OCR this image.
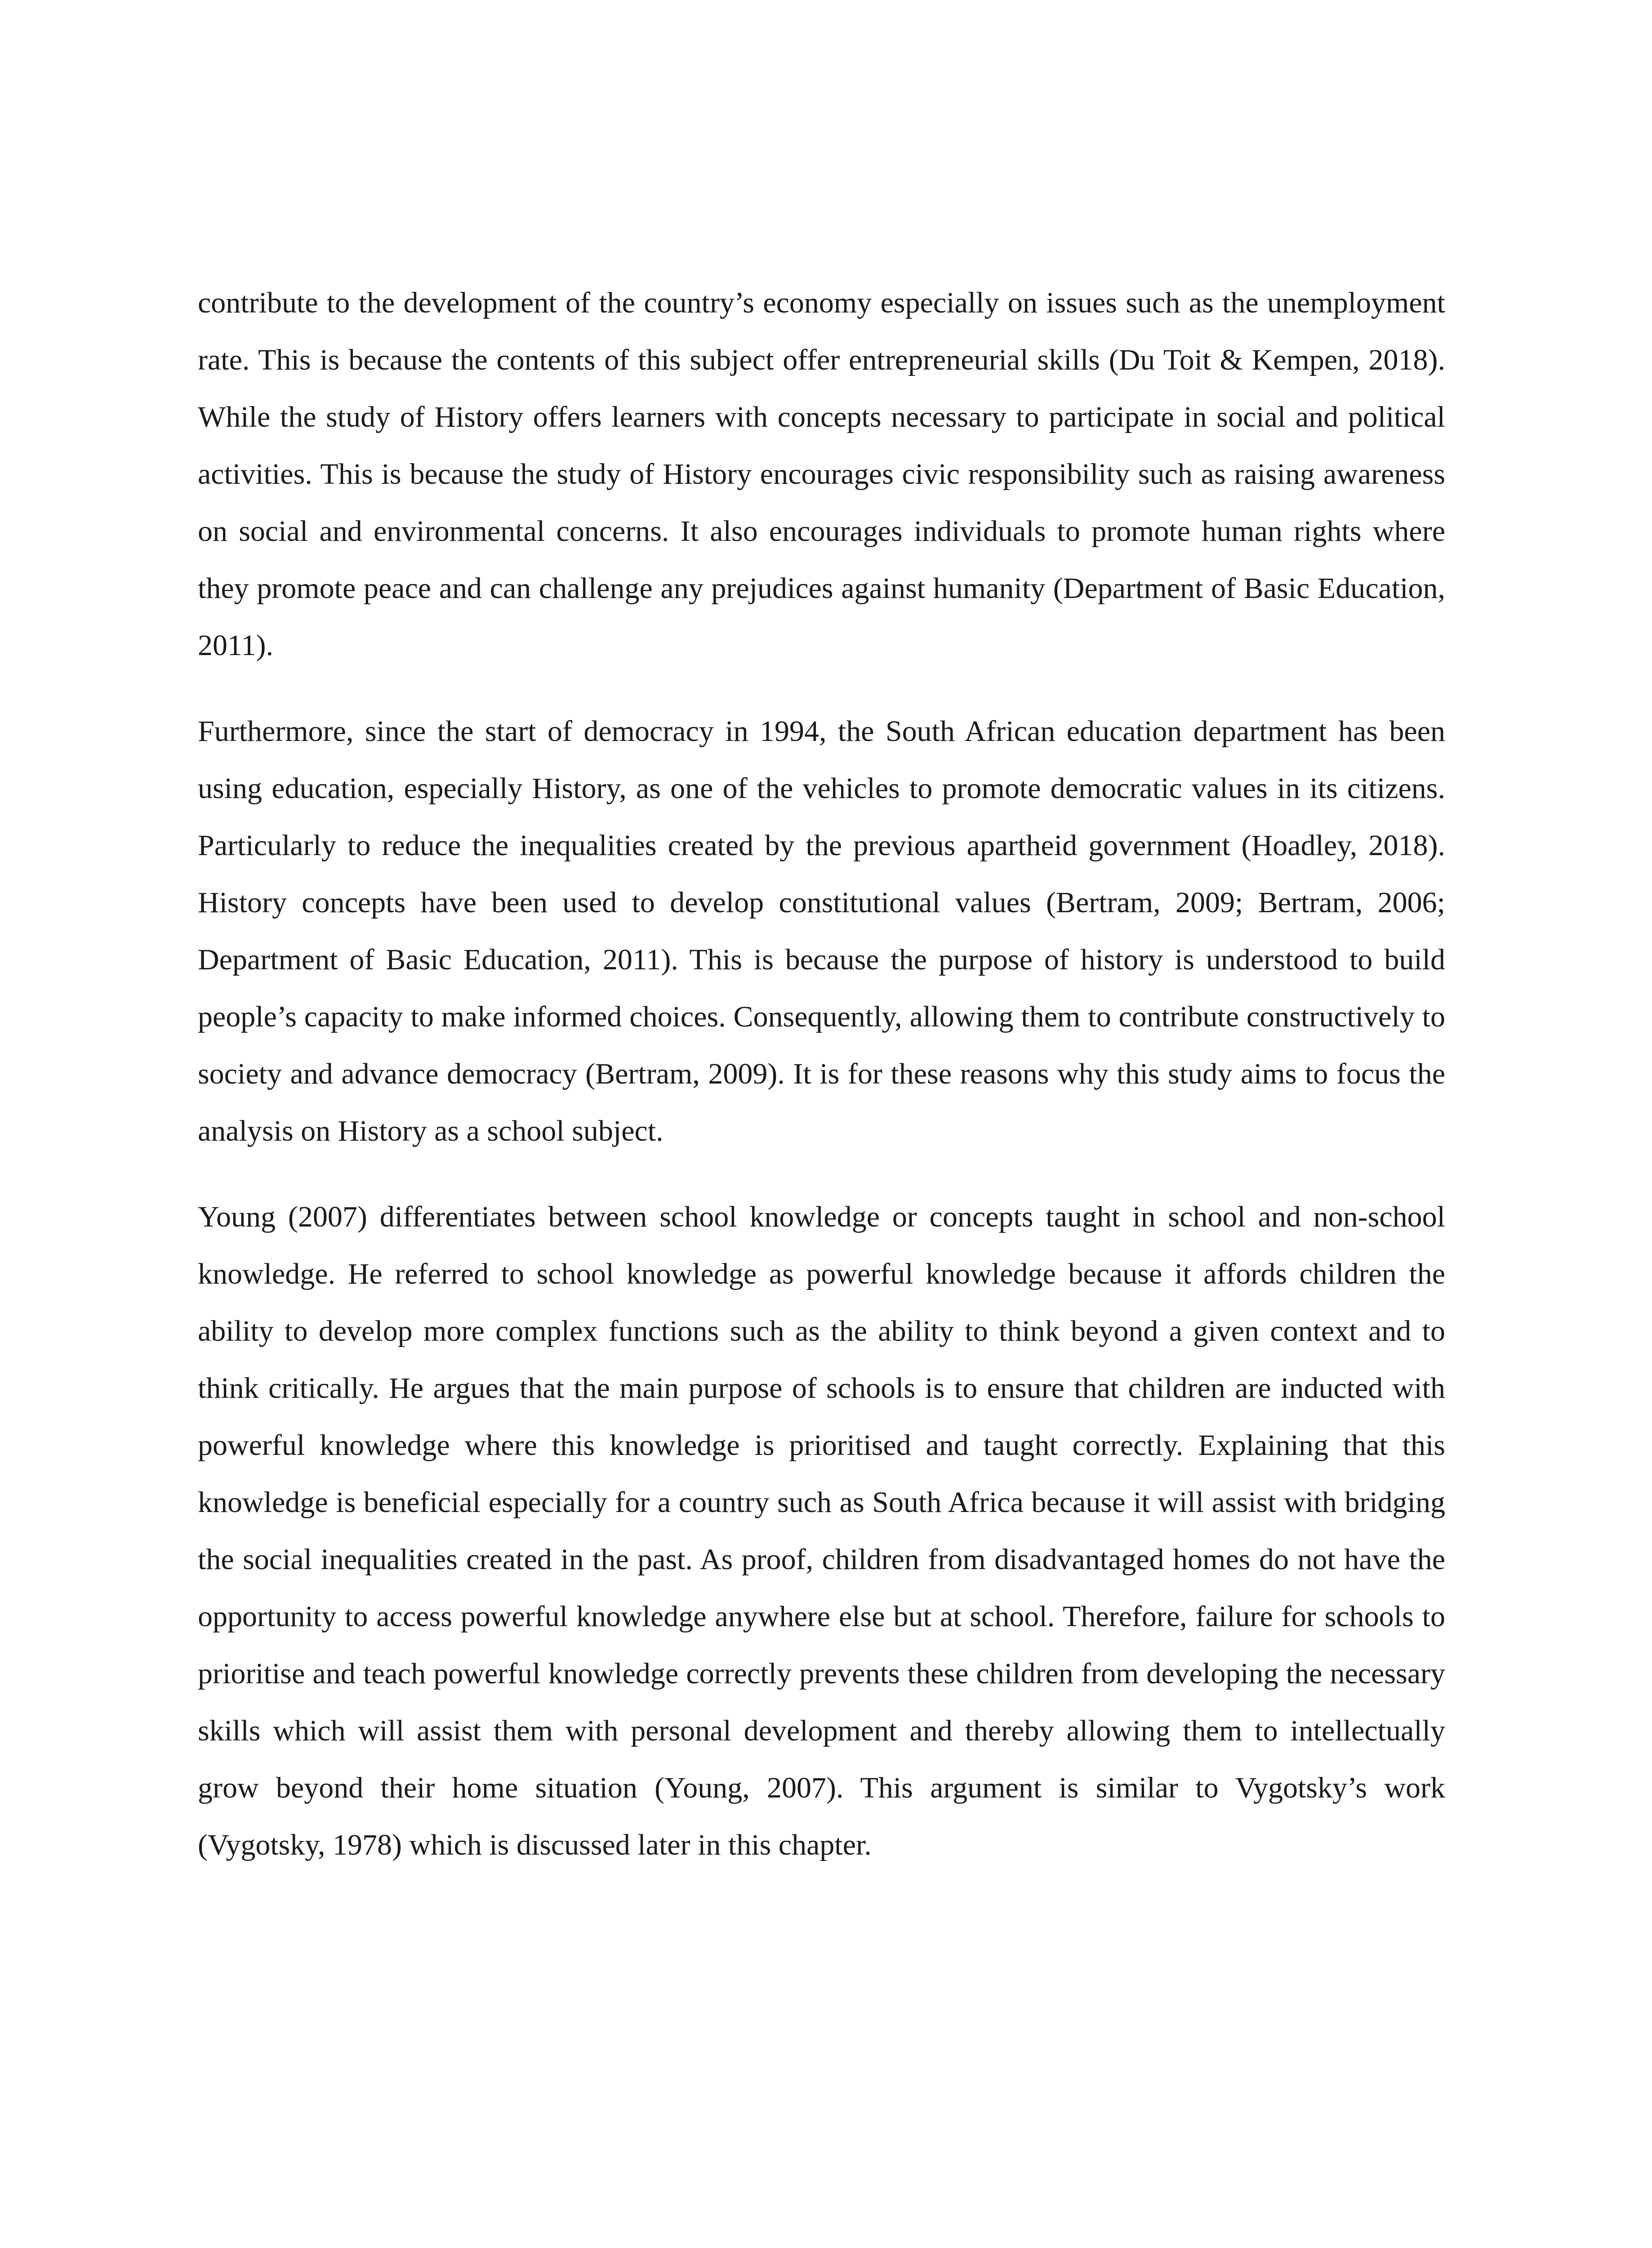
contribute to the development of the country’s economy especially on issues such as the unemployment rate. This is because the contents of this subject offer entrepreneurial skills (Du Toit & Kempen, 2018). While the study of History offers learners with concepts necessary to participate in social and political activities. This is because the study of History encourages civic responsibility such as raising awareness on social and environmental concerns. It also encourages individuals to promote human rights where they promote peace and can challenge any prejudices against humanity (Department of Basic Education, 2011).

Furthermore, since the start of democracy in 1994, the South African education department has been using education, especially History, as one of the vehicles to promote democratic values in its citizens. Particularly to reduce the inequalities created by the previous apartheid government (Hoadley, 2018). History concepts have been used to develop constitutional values (Bertram, 2009; Bertram, 2006; Department of Basic Education, 2011). This is because the purpose of history is understood to build people’s capacity to make informed choices. Consequently, allowing them to contribute constructively to society and advance democracy (Bertram, 2009). It is for these reasons why this study aims to focus the analysis on History as a school subject.

Young (2007) differentiates between school knowledge or concepts taught in school and non-school knowledge. He referred to school knowledge as powerful knowledge because it affords children the ability to develop more complex functions such as the ability to think beyond a given context and to think critically. He argues that the main purpose of schools is to ensure that children are inducted with powerful knowledge where this knowledge is prioritised and taught correctly. Explaining that this knowledge is beneficial especially for a country such as South Africa because it will assist with bridging the social inequalities created in the past. As proof, children from disadvantaged homes do not have the opportunity to access powerful knowledge anywhere else but at school. Therefore, failure for schools to prioritise and teach powerful knowledge correctly prevents these children from developing the necessary skills which will assist them with personal development and thereby allowing them to intellectually grow beyond their home situation (Young, 2007). This argument is similar to Vygotsky’s work (Vygotsky, 1978) which is discussed later in this chapter.
